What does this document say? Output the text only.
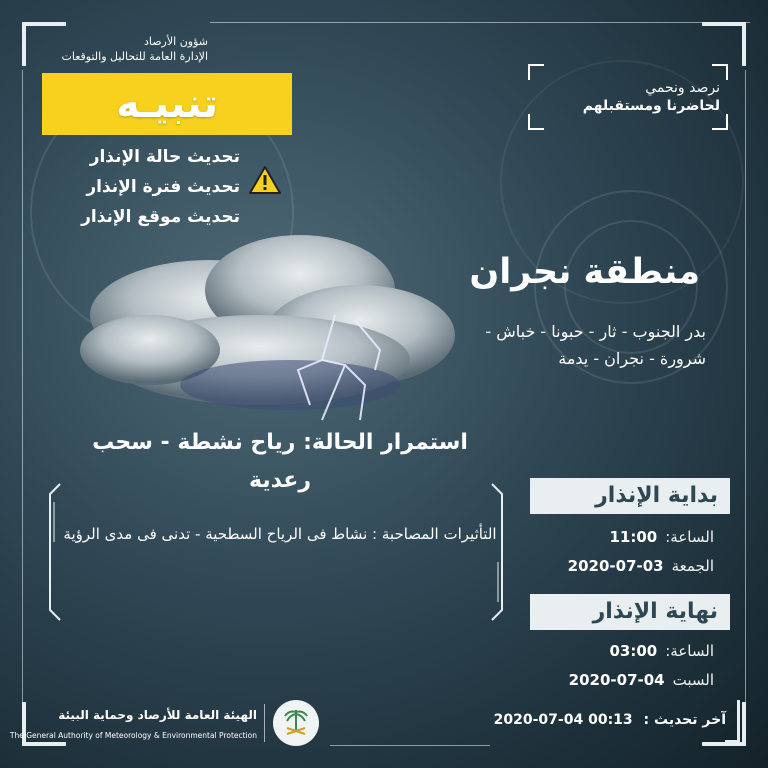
شؤون الأرصاد
الإدارة العامة للتحاليل والتوقعات
تنبيـه
تحديث حالة الإنذار
تحديث فترة الإنذار
تحديث موقع الإنذار
نرصد ونحمي
لحاضرنا ومستقبلهم
منطقة نجران
بدر الجنوب - ثار - حبونا - خباش - شرورة - نجران - يدمة
استمرار الحالة: رياح نشطة - سحب رعدية
التأثيرات المصاحبة : نشاط فى الرياح السطحية - تدنى فى مدى الرؤية
بداية الإنذار
الساعة:
11:00
الجمعة
2020-07-03
نهاية الإنذار
الساعة:
03:00
السبت
2020-07-04
الهيئة العامة للأرصاد وحماية البيئة
The General Authority of Meteorology & Environmental Protection
آخر تحديث : 2020-07-04 00:13
